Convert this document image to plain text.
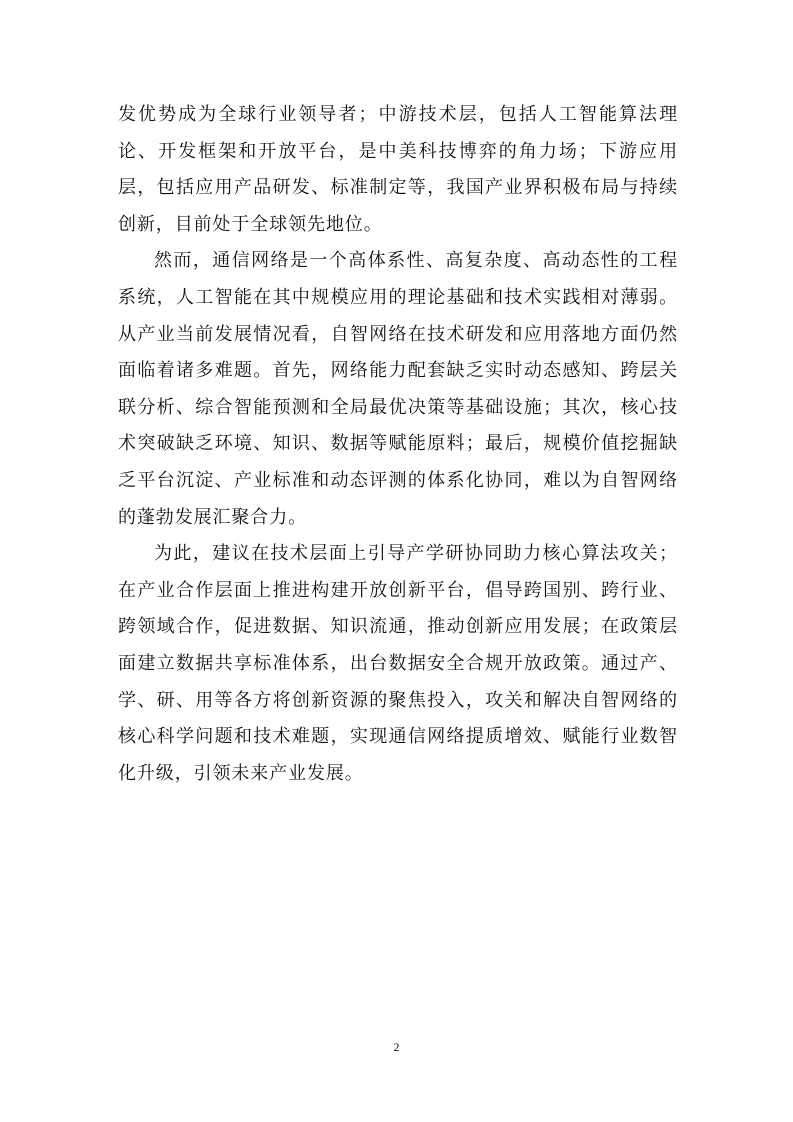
发优势成为全球行业领导者；中游技术层，包括人工智能算法理论、开发框架和开放平台，是中美科技博弈的角力场；下游应用层，包括应用产品研发、标准制定等，我国产业界积极布局与持续创新，目前处于全球领先地位。

然而，通信网络是一个高体系性、高复杂度、高动态性的工程系统，人工智能在其中规模应用的理论基础和技术实践相对薄弱。从产业当前发展情况看，自智网络在技术研发和应用落地方面仍然面临着诸多难题。首先，网络能力配套缺乏实时动态感知、跨层关联分析、综合智能预测和全局最优决策等基础设施；其次，核心技术突破缺乏环境、知识、数据等赋能原料；最后，规模价值挖掘缺乏平台沉淀、产业标准和动态评测的体系化协同，难以为自智网络的蓬勃发展汇聚合力。

为此，建议在技术层面上引导产学研协同助力核心算法攻关；在产业合作层面上推进构建开放创新平台，倡导跨国别、跨行业、跨领域合作，促进数据、知识流通，推动创新应用发展；在政策层面建立数据共享标准体系，出台数据安全合规开放政策。通过产、学、研、用等各方将创新资源的聚焦投入，攻关和解决自智网络的核心科学问题和技术难题，实现通信网络提质增效、赋能行业数智化升级，引领未来产业发展。

2
